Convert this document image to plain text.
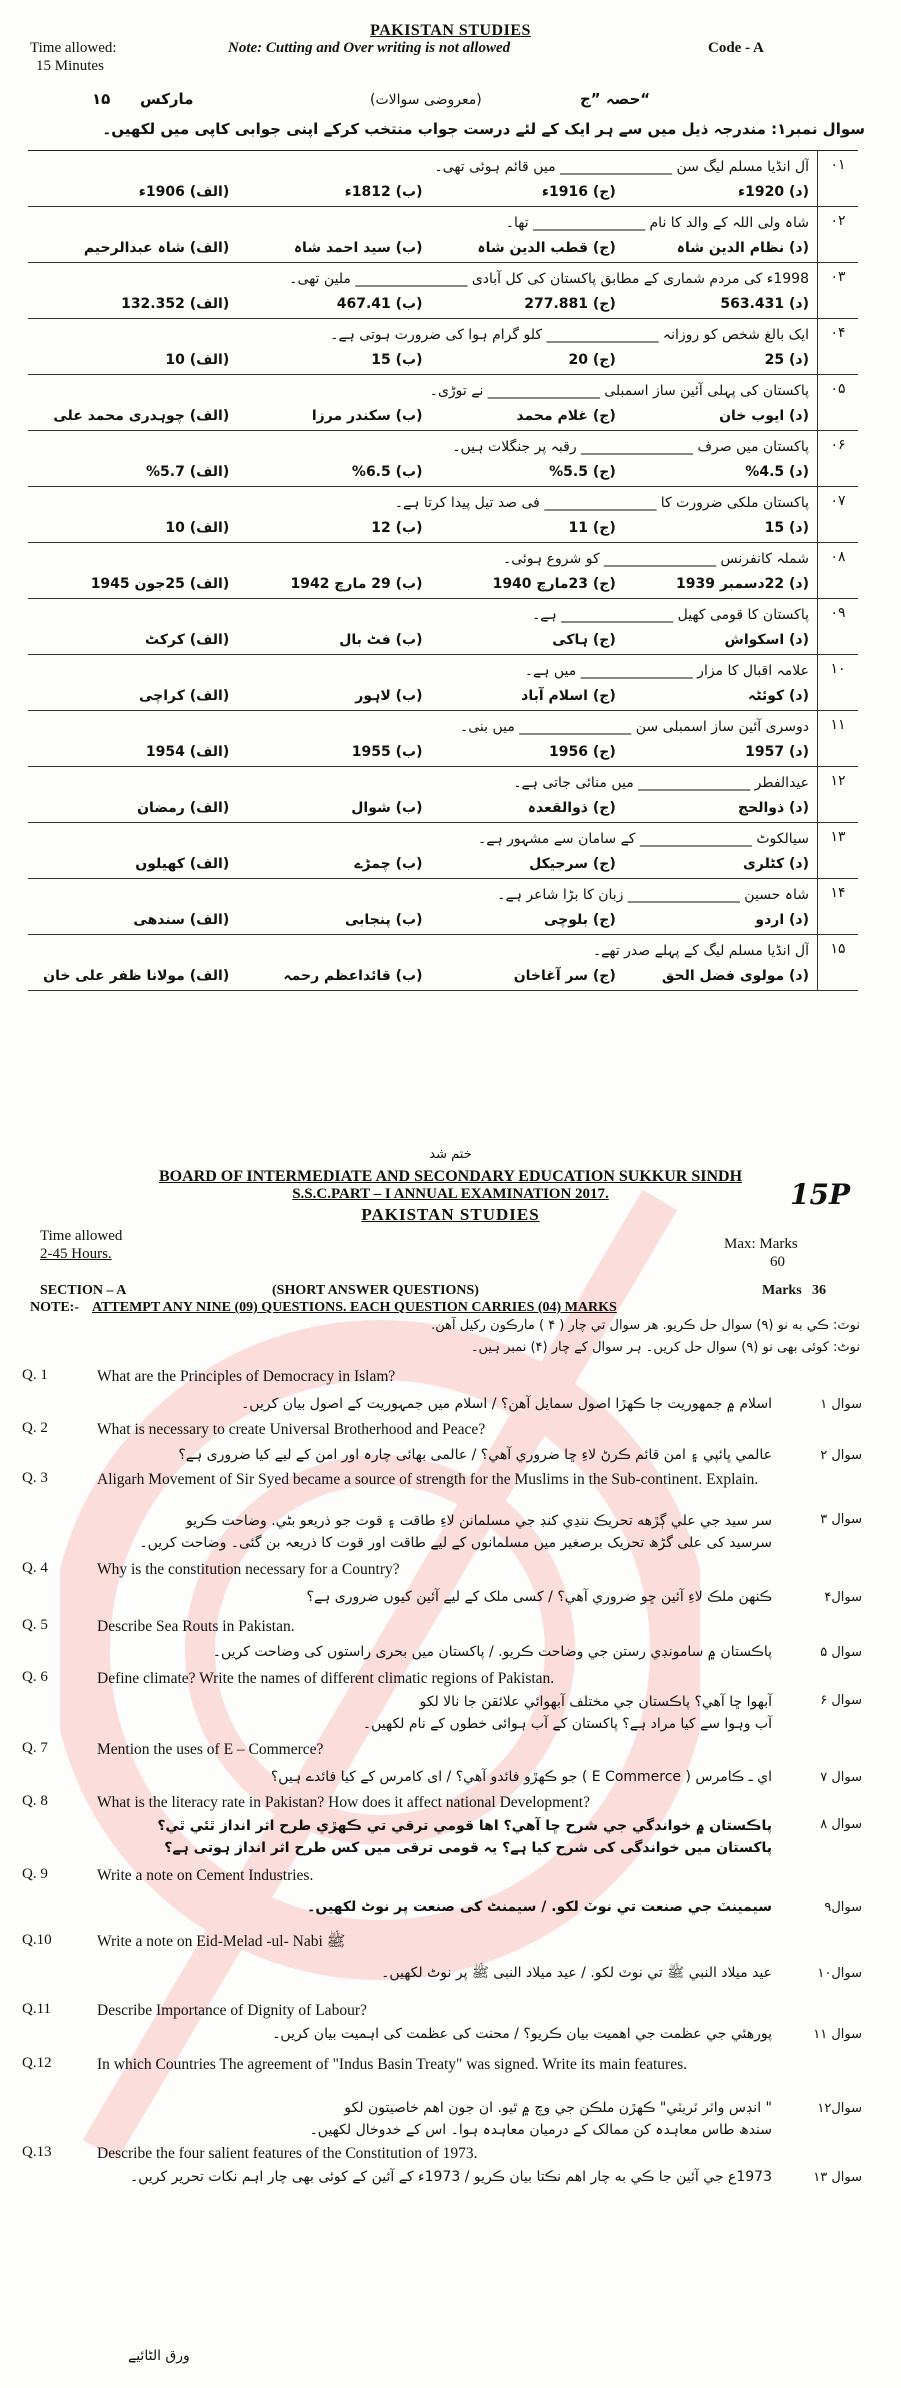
PAKISTAN STUDIES
Time allowed:
15 Minutes
Note: Cutting and Over writing is not allowed	Code - A
حصہ ”ج“
۱۵ مارکس	(معروضی سوالات)
سوال نمبر۱: مندرجہ ذیل میں سے ہر ایک کے لئے درست جواب منتخب کرکے اپنی جوابی کاپی میں لکھیں۔
آل انڈیا مسلم لیگ سن ________________ میں قائم ہوئی تھی۔
(الف) 1906ء	(ب) 1812ء	(ج) 1916ء	(د) 1920ء
۰۱
شاہ ولی اللہ کے والد کا نام ________________ تھا۔
(الف) شاہ عبدالرحیم	(ب) سید احمد شاہ	(ج) قطب الدین شاہ	(د) نظام الدین شاہ
۰۲
1998ء کی مردم شماری کے مطابق پاکستان کی کل آبادی ________________ ملین تھی۔
(الف) 132.352	(ب) 467.41	(ج) 277.881	(د) 563.431
۰۳
ایک بالغ شخص کو روزانہ ________________ کلو گرام ہوا کی ضرورت ہوتی ہے۔
(الف) 10	(ب) 15	(ج) 20	(د) 25
۰۴
پاکستان کی پہلی آئین ساز اسمبلی ________________ نے توڑی۔
(الف) چوہدری محمد علی	(ب) سکندر مرزا	(ج) غلام محمد	(د) ایوب خان
۰۵
پاکستان میں صرف ________________ رقبہ پر جنگلات ہیں۔
(الف) 5.7%	(ب) 6.5%	(ج) 5.5%	(د) 4.5%
۰۶
پاکستان ملکی ضرورت کا ________________ فی صد تیل پیدا کرتا ہے۔
(الف) 10	(ب) 12	(ج) 11	(د) 15
۰۷
شملہ کانفرنس ________________ کو شروع ہوئی۔
(الف) 25جون 1945	(ب) 29 مارچ 1942	(ج) 23مارچ 1940	(د) 22دسمبر 1939
۰۸
پاکستان کا قومی کھیل ________________ ہے۔
(الف) کرکٹ	(ب) فٹ بال	(ج) ہاکی	(د) اسکواش
۰۹
علامہ اقبال کا مزار ________________ میں ہے۔
(الف) کراچی	(ب) لاہور	(ج) اسلام آباد	(د) کوئٹہ
۱۰
دوسری آئین ساز اسمبلی سن ________________ میں بنی۔
(الف) 1954	(ب) 1955	(ج) 1956	(د) 1957
۱۱
عیدالفطر ________________ میں منائی جاتی ہے۔
(الف) رمضان	(ب) شوال	(ج) ذوالقعدہ	(د) ذوالحج
۱۲
سیالکوٹ ________________ کے سامان سے مشہور ہے۔
(الف) کھیلوں	(ب) چمڑے	(ج) سرجیکل	(د) کٹلری
۱۳
شاہ حسین ________________ زبان کا بڑا شاعر ہے۔
(الف) سندھی	(ب) پنجابی	(ج) بلوچی	(د) اردو
۱۴
آل انڈیا مسلم لیگ کے پہلے صدر تھے۔
(الف) مولانا ظفر علی خان	(ب) قائداعظم رحمہ	(ج) سر آغاخان	(د) مولوی فضل الحق
۱۵
ختم شد
BOARD OF INTERMEDIATE AND SECONDARY EDUCATION SUKKUR SINDH
S.S.C.PART – I ANNUAL EXAMINATION 2017.
PAKISTAN STUDIES
15P
Time allowed
2-45 Hours.
Max: Marks
60
SECTION – A	(SHORT ANSWER QUESTIONS)	Marks 36
NOTE:- ATTEMPT ANY NINE (09) QUESTIONS. EACH QUESTION CARRIES (04) MARKS
نوٽ: ڪي به نو (۹) سوال حل ڪريو. هر سوال تي چار ( ۴ ) مارڪون رکيل آهن.
نوٹ: کوئی بھی نو (۹) سوال حل کریں۔ ہر سوال کے چار (۴) نمبر ہیں۔
Q. 1	What are the Principles of Democracy in Islam?
اسلام ۾ جمهوريت جا ڪهڙا اصول سمايل آهن؟ / اسلام میں جمہوریت کے اصول بیان کریں۔	سوال ۱
Q. 2	What is necessary to create Universal Brotherhood and Peace?
عالمي ڀائپي ۽ امن قائم ڪرڻ لاءِ ڇا ضروري آهي؟ / عالمی بھائی چارہ اور امن کے لیے کیا ضروری ہے؟	سوال ۲
Q. 3	Aligarh Movement of Sir Syed became a source of strength for the Muslims in the Sub-continent. Explain.
سر سید جي علي ڳڙهه تحريڪ ننڍي کنڊ جي مسلمانن لاءِ طاقت ۽ قوت جو ذريعو بڻي. وضاحت ڪريو
سرسید کی علی گڑھ تحریک برصغیر میں مسلمانوں کے لیے طاقت اور قوت کا ذریعہ بن گئی۔ وضاحت کریں۔
سوال ۳
Q. 4	Why is the constitution necessary for a Country?
ڪنهن ملڪ لاءِ آئين ڇو ضروري آهي؟ / کسی ملک کے لیے آئین کیوں ضروری ہے؟	سوال۴
Q. 5	Describe Sea Routs in Pakistan.
پاڪستان ۾ سامونڊي رستن جي وضاحت ڪريو. / پاکستان میں بحری راستوں کی وضاحت کریں۔	سوال ۵
Q. 6	Define climate? Write the names of different climatic regions of Pakistan.
آبهوا ڇا آهي؟ پاڪستان جي مختلف آبهوائي علائقن جا نالا لکو
آب وہوا سے کیا مراد ہے؟ پاکستان کے آب ہوائی خطوں کے نام لکھیں۔
سوال ۶
Q. 7	Mention the uses of E – Commerce?
اي ـ ڪامرس ( E Commerce ) جو ڪهڙو فائدو آهي؟ / ای کامرس کے کیا فائدے ہیں؟	سوال ۷
Q. 8	What is the literacy rate in Pakistan? How does it affect national Development?
پاڪستان ۾ خواندگي جي شرح ڇا آهي؟ اها قومي ترقي تي ڪهڙي طرح اثر انداز ٿئي ٿي؟
پاکستان میں خواندگی کی شرح کیا ہے؟ یہ قومی ترقی میں کس طرح اثر انداز ہوتی ہے؟
سوال ۸
Q. 9	Write a note on Cement Industries.
سيمينٽ جي صنعت تي نوٽ لکو. / سیمنٹ کی صنعت پر نوٹ لکھیں۔	سوال۹
Q.10	Write a note on Eid-Melad -ul- Nabi ﷺ
عيد ميلاد النبي ﷺ تي نوٽ لکو. / عید میلاد النبی ﷺ پر نوٹ لکھیں۔	سوال۱۰
Q.11	Describe Importance of Dignity of Labour?
پورهئي جي عظمت جي اهميت بيان ڪريو؟ / محنت کی عظمت کی اہمیت بیان کریں۔	سوال ۱۱
Q.12	In which Countries The agreement of "Indus Basin Treaty" was signed. Write its main features.
" انڊس واٽر ٽريٽي" ڪهڙن ملڪن جي وچ ۾ ٿيو. ان جون اهم خاصيتون لکو
سندھ طاس معاہدہ کن ممالک کے درمیان معاہدہ ہوا۔ اس کے خدوخال لکھیں۔
سوال۱۲
Q.13	Describe the four salient features of the Constitution of 1973.
1973ع جي آئين جا ڪي به چار اهم نڪتا بيان ڪريو / 1973ء کے آئین کے کوئی بھی چار اہم نکات تحریر کریں۔	سوال ۱۳
ورق الٹائیے
